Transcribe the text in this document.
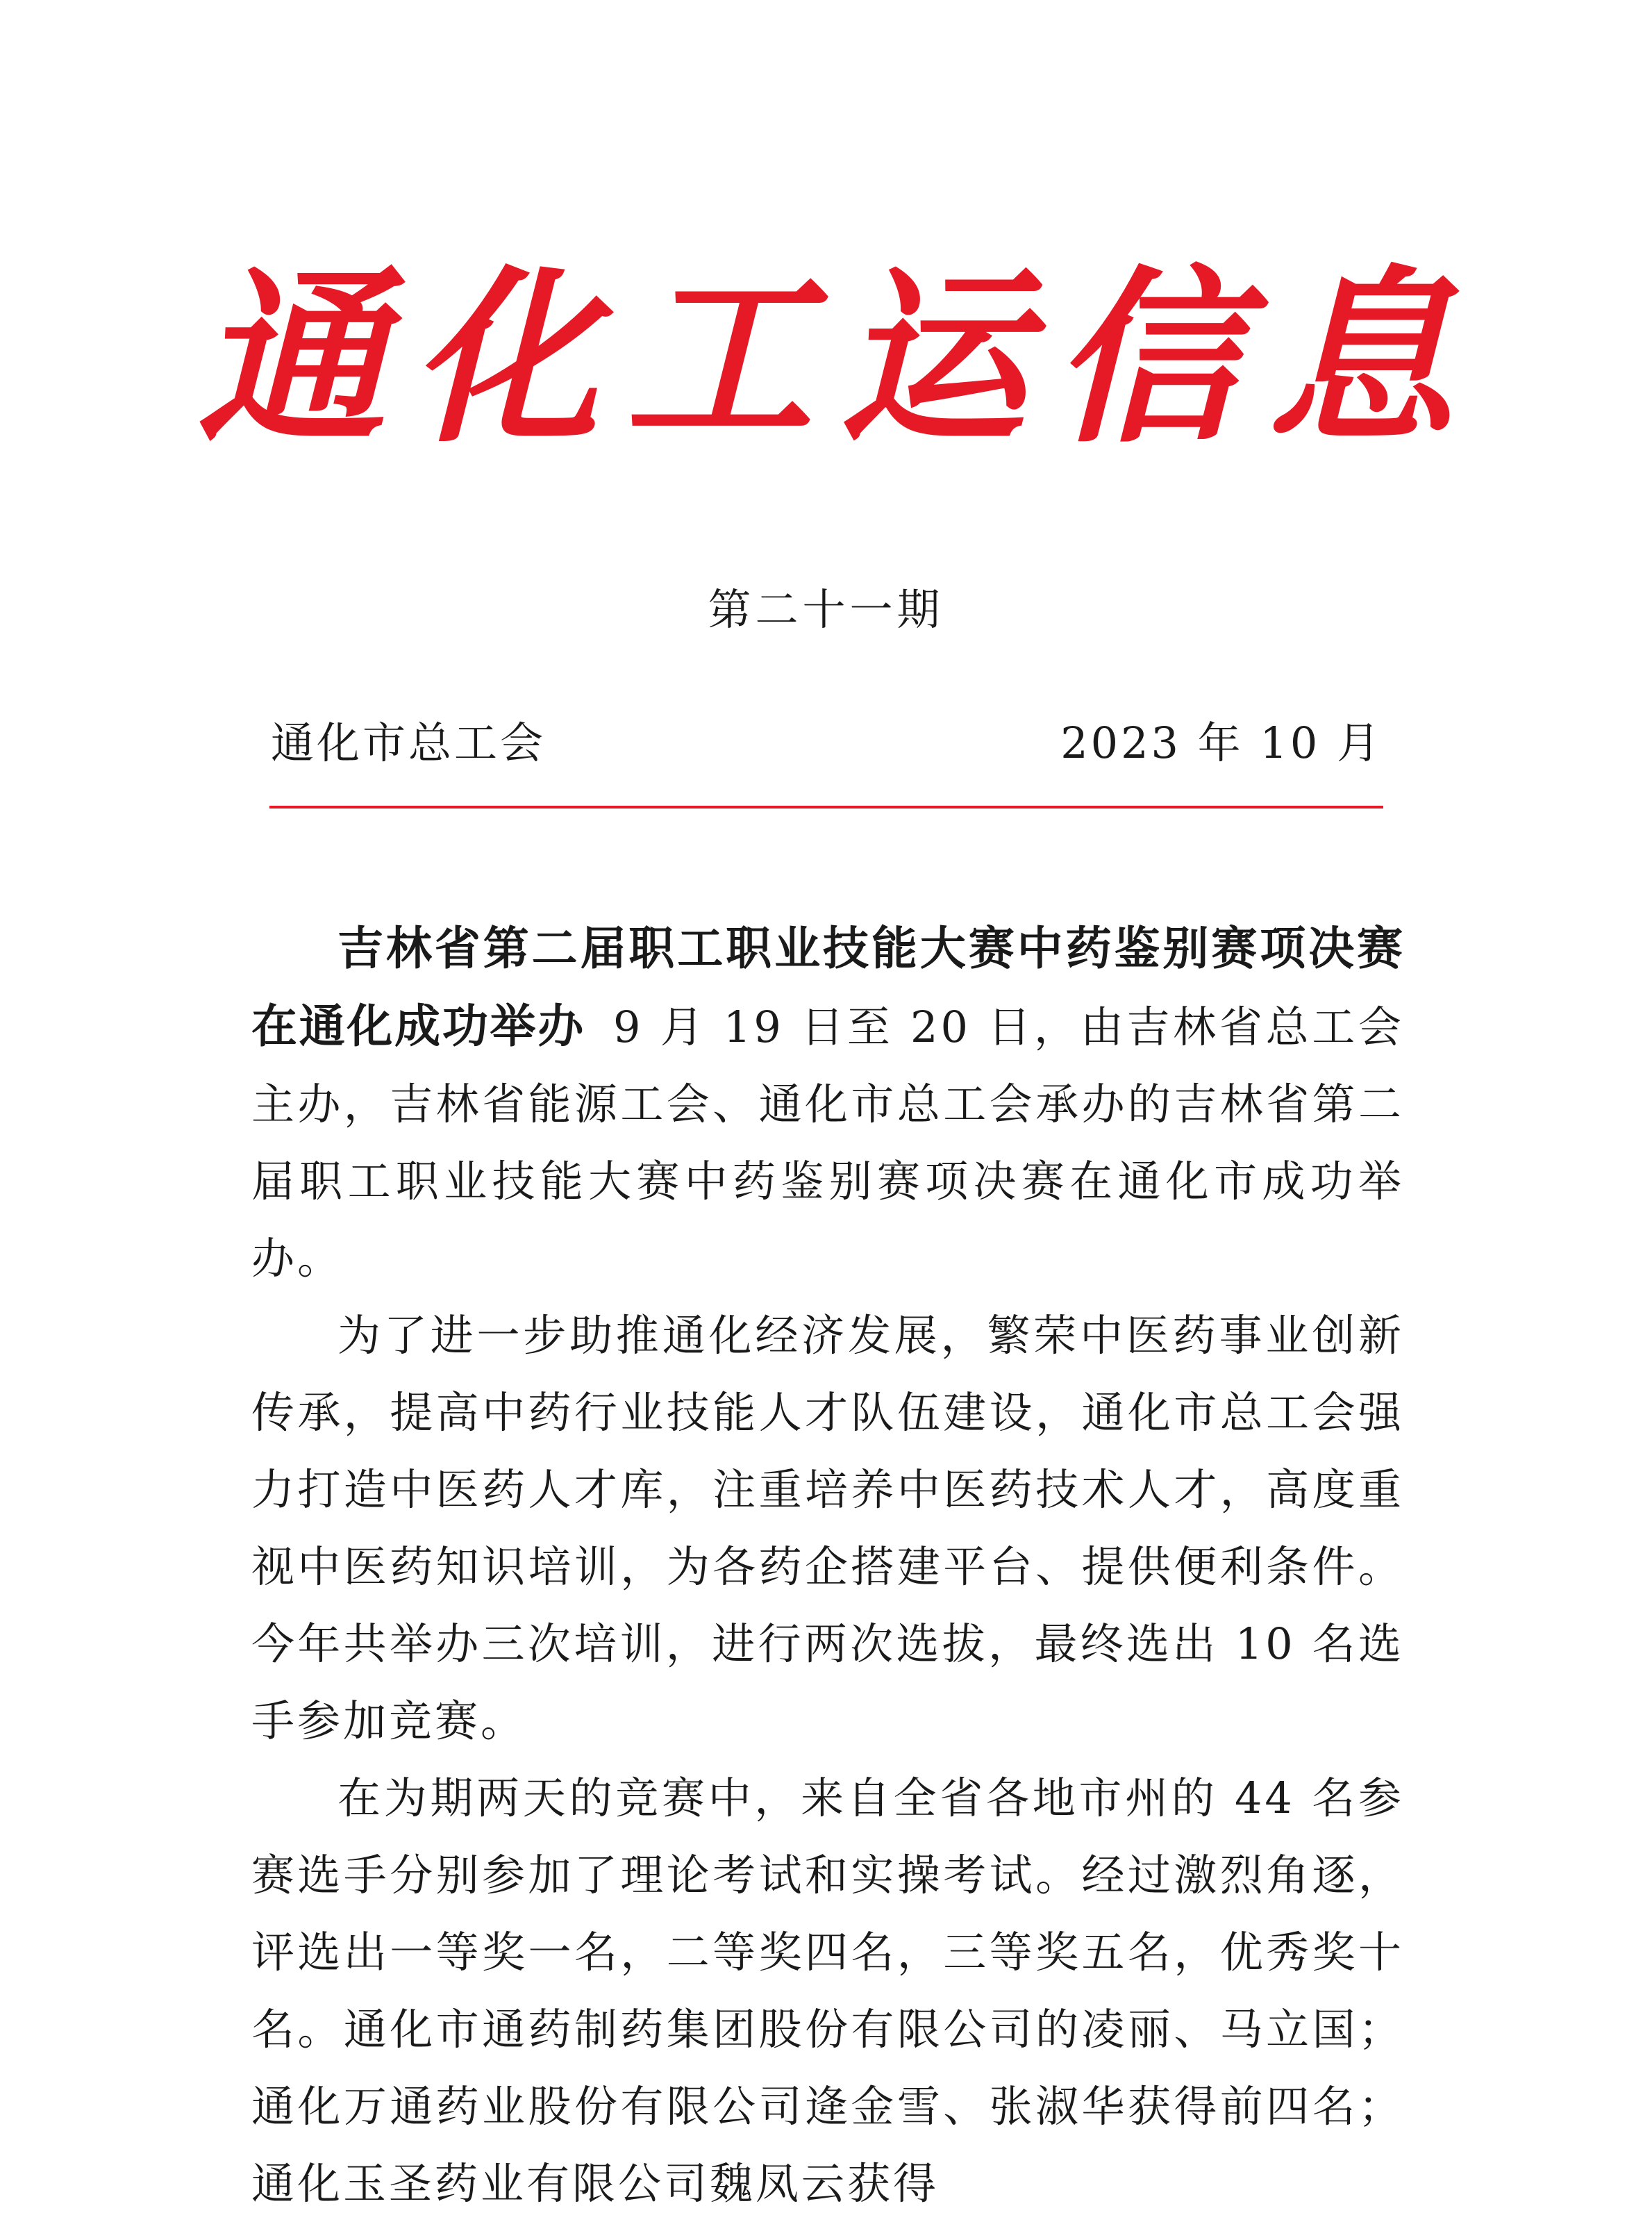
通化工运信息
第二十一期
通化市总工会	2023 年 10 月

吉林省第二届职工职业技能大赛中药鉴别赛项决赛在通化成功举办 9 月 19 日至 20 日，由吉林省总工会主办，吉林省能源工会、通化市总工会承办的吉林省第二届职工职业技能大赛中药鉴别赛项决赛在通化市成功举办。

为了进一步助推通化经济发展，繁荣中医药事业创新传承，提高中药行业技能人才队伍建设，通化市总工会强力打造中医药人才库，注重培养中医药技术人才，高度重视中医药知识培训，为各药企搭建平台、提供便利条件。今年共举办三次培训，进行两次选拔，最终选出 10 名选手参加竞赛。

在为期两天的竞赛中，来自全省各地市州的 44 名参赛选手分别参加了理论考试和实操考试。经过激烈角逐，评选出一等奖一名，二等奖四名，三等奖五名，优秀奖十名。通化市通药制药集团股份有限公司的凌丽、马立国；通化万通药业股份有限公司逄金雪、张淑华获得前四名；通化玉圣药业有限公司魏凤云获得
